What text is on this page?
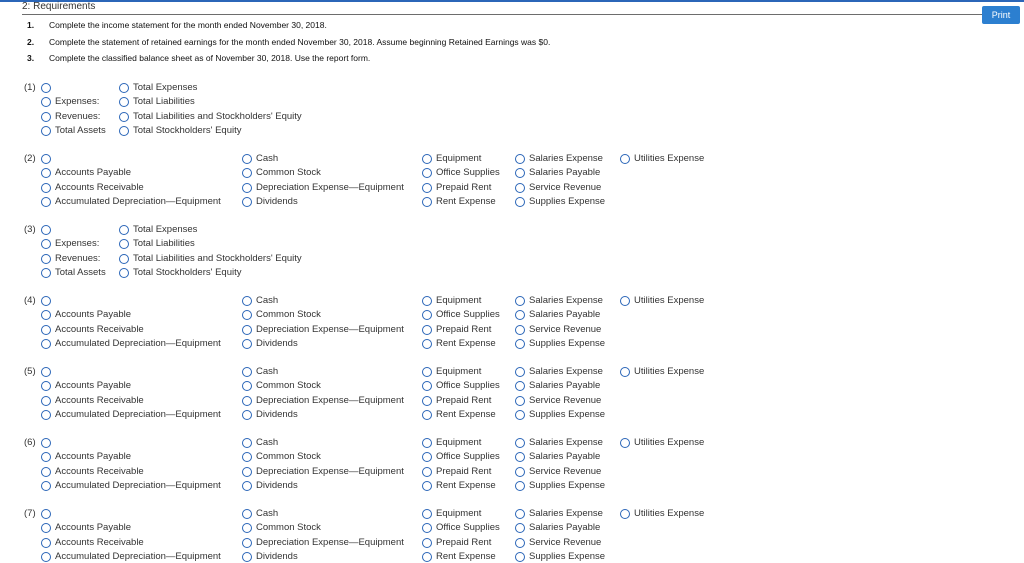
2: Requirements
Print
1. Complete the income statement for the month ended November 30, 2018.
2. Complete the statement of retained earnings for the month ended November 30, 2018. Assume beginning Retained Earnings was $0.
3. Complete the classified balance sheet as of November 30, 2018. Use the report form.
(1)
Expenses:
Revenues:
Total Assets
Total Expenses
Total Liabilities
Total Liabilities and Stockholders' Equity
Total Stockholders' Equity
(2)
Accounts Payable
Accounts Receivable
Accumulated Depreciation—Equipment
Cash
Common Stock
Depreciation Expense—Equipment
Dividends
Equipment
Office Supplies
Prepaid Rent
Rent Expense
Salaries Expense
Salaries Payable
Service Revenue
Supplies Expense
Utilities Expense
(3)
Expenses:
Revenues:
Total Assets
Total Expenses
Total Liabilities
Total Liabilities and Stockholders' Equity
Total Stockholders' Equity
(4)
Accounts Payable
Accounts Receivable
Accumulated Depreciation—Equipment
Cash
Common Stock
Depreciation Expense—Equipment
Dividends
Equipment
Office Supplies
Prepaid Rent
Rent Expense
Salaries Expense
Salaries Payable
Service Revenue
Supplies Expense
Utilities Expense
(5)
Accounts Payable
Accounts Receivable
Accumulated Depreciation—Equipment
Cash
Common Stock
Depreciation Expense—Equipment
Dividends
Equipment
Office Supplies
Prepaid Rent
Rent Expense
Salaries Expense
Salaries Payable
Service Revenue
Supplies Expense
Utilities Expense
(6)
Accounts Payable
Accounts Receivable
Accumulated Depreciation—Equipment
Cash
Common Stock
Depreciation Expense—Equipment
Dividends
Equipment
Office Supplies
Prepaid Rent
Rent Expense
Salaries Expense
Salaries Payable
Service Revenue
Supplies Expense
Utilities Expense
(7)
Accounts Payable
Accounts Receivable
Accumulated Depreciation—Equipment
Cash
Common Stock
Depreciation Expense—Equipment
Dividends
Equipment
Office Supplies
Prepaid Rent
Rent Expense
Salaries Expense
Salaries Payable
Service Revenue
Supplies Expense
Utilities Expense
